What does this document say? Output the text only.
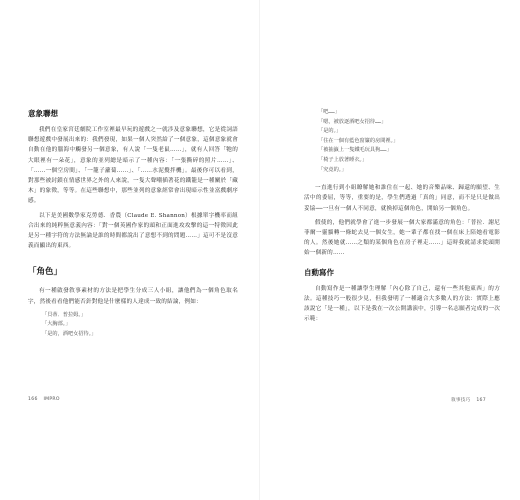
意象聯想

我們在皇家宮廷劇院工作室裡最早玩的遊戲之一就涉及意象聯想，它是從詞語聯想遊戲中發展出來的：我們發現，如果一個人突然給了一個意象，這個意象就會自動在他的腦海中觸發另一個意象，有人說「一隻老鼠……」，就有人回答「牠的大眼裡有一朵花」，意象的並列總是暗示了一種內容：「一張撕碎的照片……」、「……一個空房間」、「一籠子蘿蔔……」、「……水泥攪拌機」。最後你可以看到，對那些被封鎖在情感世界之外的人來說，一隻大聲嘲插著花的鐵籠是一種關於「藏木」的象徵，等等。在這些聯想中，那些並列的意象經常會出現暗示性並富戲劇序感。

以下是美國數學家克勞德．香農（Claude E. Shannon）根據單字機率而組合出來的純粹無意義內容：「對一個英國作家的頭和正面進攻攻擊的這一特徵因此是另一種字符的方法無論是誰的時間都說出了意想不到的問題……」這可不是沒意義而顯出的東西。

「角色」

有一種啟發敘事素材的方法是把學生分成三人小組，讓他們為一個角色取名字，然後看看他們能否針對他是什麼樣的人達成一致的結論，例如：

「貝蒂．普拉姆。」
「大胸部。」
「是的，酒吧女招待。」
166 IMPRO
「吧……」
「嗯，被放逐酒吧女招待……」
「是的。」
「住在一個有藍色窗簾的房間裡。」
「被抽籤上一隻鐵毛玩具狗……」
「椅子上放著睡衣。」
「究竟的。」

一直進行到小組瞭解她和誰住在一起、她的音樂品味、歸還的願望、生活中的委屈，等等，重要的是，學生們透過「真的」同意，而不是只是做出妥協──一旦有一個人不同意，就換掉這個角色，開始另一個角色。

假使的，他們就學會了進一步發展一個大家都滿意的角色：「普拉．謝尼菲爾一靈貓轉一條蛇去見一個女生，她一輩子都在找一個在床上陪她看電影的人。然後她就……之類的某個角色在房子裡走……」這時我就請求從頭開始一個新的……

自動寫作

自動寫作是一種讓學生理解「內心除了自己，還有一些其他東西」的方法。這種技巧一般很少見，但我發明了一種適合大多數人的方法：實際上應該說它「是一種」，以下是我在一次公開講演中，引導一名志願者完成的一次示範：

敘事技巧 167
